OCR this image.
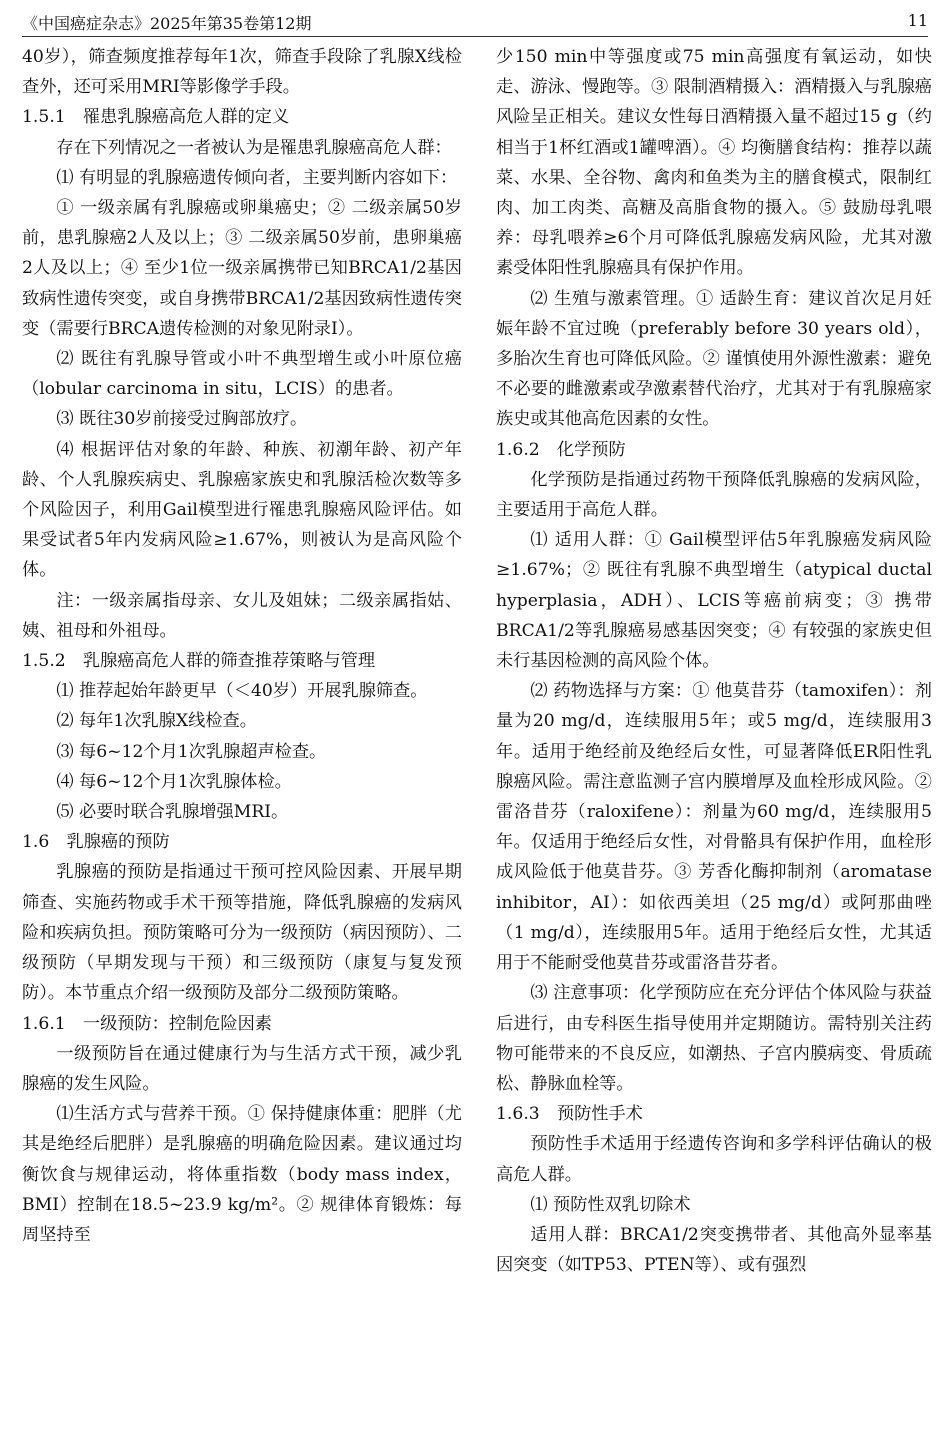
《中国癌症杂志》2025年第35卷第12期	11

40岁），筛查频度推荐每年1次，筛查手段除了乳腺X线检查外，还可采用MRI等影像学手段。

1.5.1　罹患乳腺癌高危人群的定义

存在下列情况之一者被认为是罹患乳腺癌高危人群：

⑴ 有明显的乳腺癌遗传倾向者，主要判断内容如下：

① 一级亲属有乳腺癌或卵巢癌史；② 二级亲属50岁前，患乳腺癌2人及以上；③ 二级亲属50岁前，患卵巢癌2人及以上；④ 至少1位一级亲属携带已知BRCA1/2基因致病性遗传突变，或自身携带BRCA1/2基因致病性遗传突变（需要行BRCA遗传检测的对象见附录Ⅰ）。

⑵ 既往有乳腺导管或小叶不典型增生或小叶原位癌（lobular carcinoma in situ，LCIS）的患者。

⑶ 既往30岁前接受过胸部放疗。

⑷ 根据评估对象的年龄、种族、初潮年龄、初产年龄、个人乳腺疾病史、乳腺癌家族史和乳腺活检次数等多个风险因子，利用Gail模型进行罹患乳腺癌风险评估。如果受试者5年内发病风险≥1.67%，则被认为是高风险个体。

注：一级亲属指母亲、女儿及姐妹；二级亲属指姑、姨、祖母和外祖母。

1.5.2　乳腺癌高危人群的筛查推荐策略与管理

⑴ 推荐起始年龄更早（＜40岁）开展乳腺筛查。

⑵ 每年1次乳腺X线检查。

⑶ 每6~12个月1次乳腺超声检查。

⑷ 每6~12个月1次乳腺体检。

⑸ 必要时联合乳腺增强MRI。

1.6　乳腺癌的预防

乳腺癌的预防是指通过干预可控风险因素、开展早期筛查、实施药物或手术干预等措施，降低乳腺癌的发病风险和疾病负担。预防策略可分为一级预防（病因预防）、二级预防（早期发现与干预）和三级预防（康复与复发预防）。本节重点介绍一级预防及部分二级预防策略。

1.6.1　一级预防：控制危险因素

一级预防旨在通过健康行为与生活方式干预，减少乳腺癌的发生风险。

⑴生活方式与营养干预。① 保持健康体重：肥胖（尤其是绝经后肥胖）是乳腺癌的明确危险因素。建议通过均衡饮食与规律运动，将体重指数（body mass index，BMI）控制在18.5~23.9 kg/m²。② 规律体育锻炼：每周坚持至

少150 min中等强度或75 min高强度有氧运动，如快走、游泳、慢跑等。③ 限制酒精摄入：酒精摄入与乳腺癌风险呈正相关。建议女性每日酒精摄入量不超过15 g（约相当于1杯红酒或1罐啤酒）。④ 均衡膳食结构：推荐以蔬菜、水果、全谷物、禽肉和鱼类为主的膳食模式，限制红肉、加工肉类、高糖及高脂食物的摄入。⑤ 鼓励母乳喂养：母乳喂养≥6个月可降低乳腺癌发病风险，尤其对激素受体阳性乳腺癌具有保护作用。

⑵ 生殖与激素管理。① 适龄生育：建议首次足月妊娠年龄不宜过晚（preferably before 30 years old），多胎次生育也可降低风险。② 谨慎使用外源性激素：避免不必要的雌激素或孕激素替代治疗，尤其对于有乳腺癌家族史或其他高危因素的女性。

1.6.2　化学预防

化学预防是指通过药物干预降低乳腺癌的发病风险，主要适用于高危人群。

⑴ 适用人群：① Gail模型评估5年乳腺癌发病风险≥1.67%；② 既往有乳腺不典型增生（atypical ductal hyperplasia，ADH）、LCIS等癌前病变；③ 携带BRCA1/2等乳腺癌易感基因突变；④ 有较强的家族史但未行基因检测的高风险个体。

⑵ 药物选择与方案：① 他莫昔芬（tamoxifen）：剂量为20 mg/d，连续服用5年；或5 mg/d，连续服用3年。适用于绝经前及绝经后女性，可显著降低ER阳性乳腺癌风险。需注意监测子宫内膜增厚及血栓形成风险。② 雷洛昔芬（raloxifene）：剂量为60 mg/d，连续服用5年。仅适用于绝经后女性，对骨骼具有保护作用，血栓形成风险低于他莫昔芬。③ 芳香化酶抑制剂（aromatase inhibitor，AI）：如依西美坦（25 mg/d）或阿那曲唑（1 mg/d），连续服用5年。适用于绝经后女性，尤其适用于不能耐受他莫昔芬或雷洛昔芬者。

⑶ 注意事项：化学预防应在充分评估个体风险与获益后进行，由专科医生指导使用并定期随访。需特别关注药物可能带来的不良反应，如潮热、子宫内膜病变、骨质疏松、静脉血栓等。

1.6.3　预防性手术

预防性手术适用于经遗传咨询和多学科评估确认的极高危人群。

⑴ 预防性双乳切除术

适用人群：BRCA1/2突变携带者、其他高外显率基因突变（如TP53、PTEN等）、或有强烈
